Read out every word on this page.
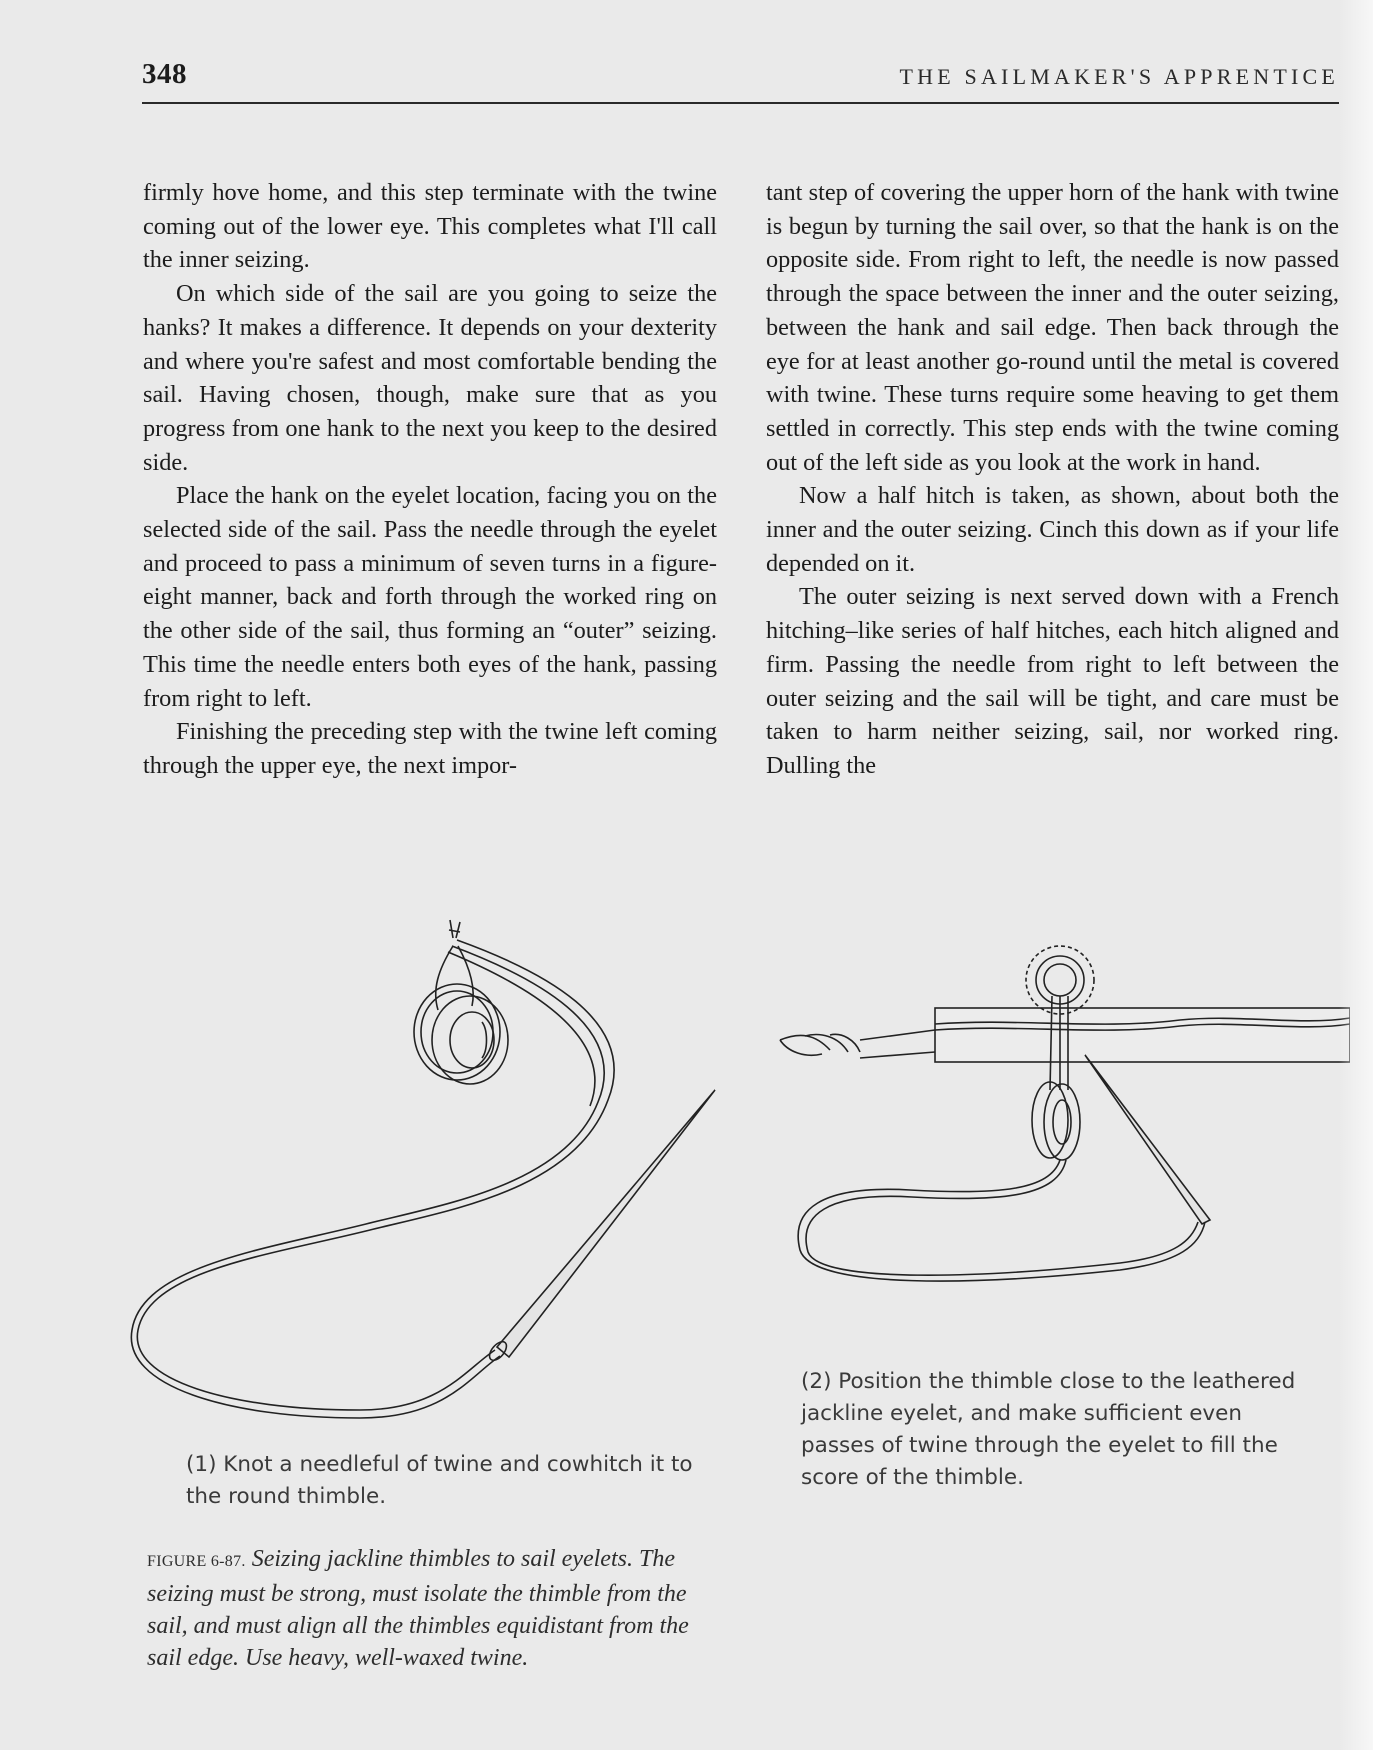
348	THE SAILMAKER'S APPRENTICE

firmly hove home, and this step terminate with the twine coming out of the lower eye. This completes what I'll call the inner seizing.

On which side of the sail are you going to seize the hanks? It makes a difference. It depends on your dexterity and where you're safest and most comfortable bending the sail. Having chosen, though, make sure that as you progress from one hank to the next you keep to the desired side.

Place the hank on the eyelet location, facing you on the selected side of the sail. Pass the needle through the eyelet and proceed to pass a minimum of seven turns in a figure-eight manner, back and forth through the worked ring on the other side of the sail, thus forming an “outer” seizing. This time the needle enters both eyes of the hank, passing from right to left.

Finishing the preceding step with the twine left coming through the upper eye, the next impor-

tant step of covering the upper horn of the hank with twine is begun by turning the sail over, so that the hank is on the opposite side. From right to left, the needle is now passed through the space between the inner and the outer seizing, between the hank and sail edge. Then back through the eye for at least another go-round until the metal is covered with twine. These turns require some heaving to get them settled in correctly. This step ends with the twine coming out of the left side as you look at the work in hand.

Now a half hitch is taken, as shown, about both the inner and the outer seizing. Cinch this down as if your life depended on it.

The outer seizing is next served down with a French hitching–like series of half hitches, each hitch aligned and firm. Passing the needle from right to left between the outer seizing and the sail will be tight, and care must be taken to harm neither seizing, sail, nor worked ring. Dulling the

(1) Knot a needleful of twine and cowhitch it to the round thimble.
(2) Position the thimble close to the leathered jackline eyelet, and make sufficient even passes of twine through the eyelet to fill the score of the thimble.
FIGURE 6-87. Seizing jackline thimbles to sail eyelets. The seizing must be strong, must isolate the thimble from the sail, and must align all the thimbles equidistant from the sail edge. Use heavy, well-waxed twine.
